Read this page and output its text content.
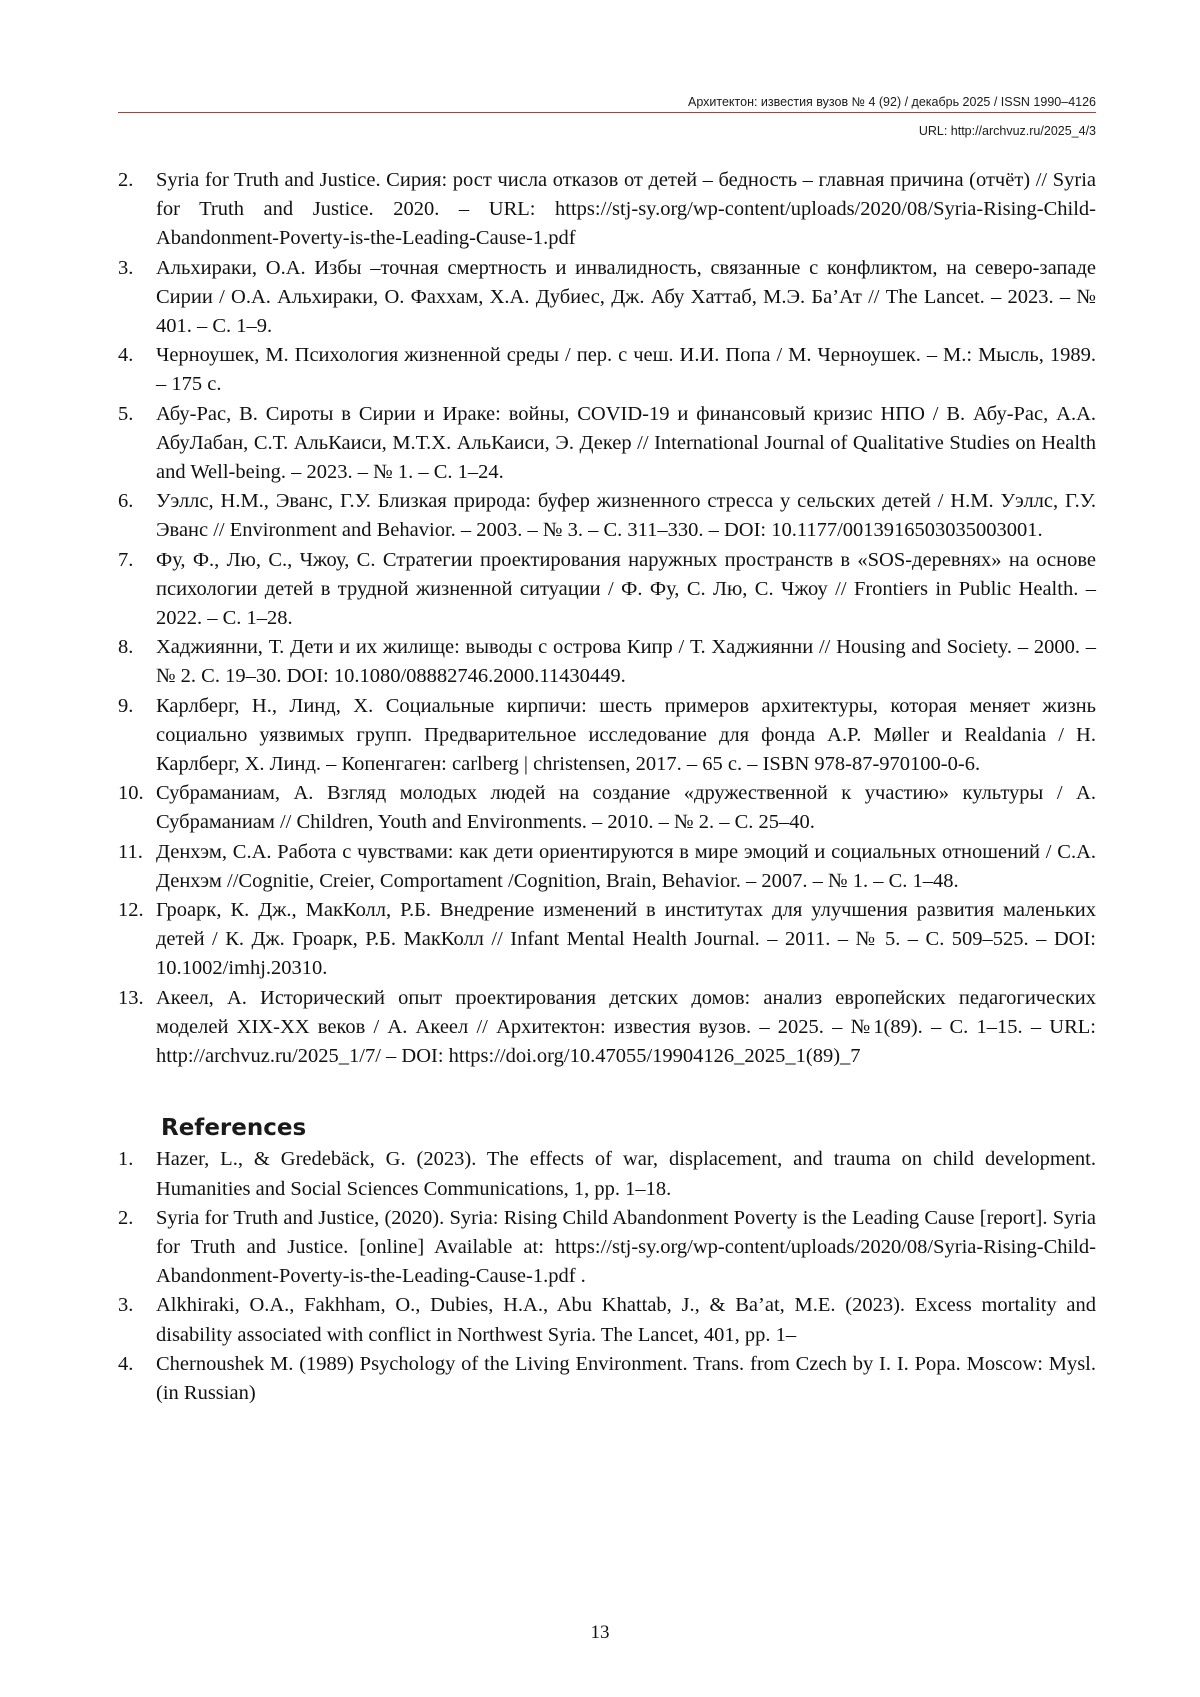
Архитектон: известия вузов № 4 (92) / декабрь 2025 / ISSN 1990–4126
URL: http://archvuz.ru/2025_4/3
2.	Syria for Truth and Justice. Сирия: рост числа отказов от детей – бедность – главная причина (отчёт) // Syria for Truth and Justice. 2020. – URL: https://stj-sy.org/wp-content/uploads/2020/08/Syria-Rising-Child-Abandonment-Poverty-is-the-Leading-Cause-1.pdf
3.	Альхираки, О.А. Избы –точная смертность и инвалидность, связанные с конфликтом, на северо-западе Сирии / О.А. Альхираки, О. Фаххам, Х.А. Дубиес, Дж. Абу Хаттаб, М.Э. Ба’Ат // The Lancet. – 2023. – № 401. – С. 1–9.
4.	Черноушек, М. Психология жизненной среды / пер. с чеш. И.И. Попа / М. Черноушек. – М.: Мысль, 1989. – 175 с.
5.	Абу-Рас, В. Сироты в Сирии и Ираке: войны, COVID-19 и финансовый кризис НПО / В. Абу-Рас, А.А. АбуЛабан, С.Т. АльКаиси, М.Т.Х. АльКаиси, Э. Декер // International Journal of Qualitative Studies on Health and Well-being. – 2023. – № 1. – С. 1–24.
6.	Уэллс, Н.М., Эванс, Г.У. Близкая природа: буфер жизненного стресса у сельских детей / Н.М. Уэллс, Г.У. Эванс // Environment and Behavior. – 2003. – № 3. – С. 311–330. – DOI: 10.1177/0013916503035003001.
7.	Фу, Ф., Лю, С., Чжоу, С. Стратегии проектирования наружных пространств в «SOS-деревнях» на основе психологии детей в трудной жизненной ситуации / Ф. Фу, С. Лю, С. Чжоу // Frontiers in Public Health. – 2022. – С. 1–28.
8.	Хаджиянни, Т. Дети и их жилище: выводы с острова Кипр / Т. Хаджиянни // Housing and Society. – 2000. – № 2. С. 19–30. DOI: 10.1080/08882746.2000.11430449.
9.	Карлберг, Н., Линд, Х. Социальные кирпичи: шесть примеров архитектуры, которая меняет жизнь социально уязвимых групп. Предварительное исследование для фонда A.P. Møller и Realdania / Н. Карлберг, Х. Линд. – Копенгаген: carlberg | christensen, 2017. – 65 с. – ISBN 978-87-970100-0-6.
10. Субраманиам, А. Взгляд молодых людей на создание «дружественной к участию» культуры / А. Субраманиам // Children, Youth and Environments. – 2010. – № 2. – С. 25–40.
11. Денхэм, С.А. Работа с чувствами: как дети ориентируются в мире эмоций и социальных отношений / С.А. Денхэм //Cognitie, Creier, Comportament /Cognition, Brain, Behavior. – 2007. – № 1. – С. 1–48.
12. Гроарк, К. Дж., МакКолл, Р.Б. Внедрение изменений в институтах для улучшения развития маленьких детей / К. Дж. Гроарк, Р.Б. МакКолл // Infant Mental Health Journal. – 2011. – № 5. – С. 509–525. – DOI: 10.1002/imhj.20310.
13. Акеел, А. Исторический опыт проектирования детских домов: анализ европейских педагогических моделей XIX-XX веков / А. Акеел // Архитектон: известия вузов. – 2025. – №1(89). – С. 1–15. – URL: http://archvuz.ru/2025_1/7/ – DOI: https://doi.org/10.47055/19904126_2025_1(89)_7
References
1.	Hazer, L., & Gredebäck, G. (2023). The effects of war, displacement, and trauma on child development. Humanities and Social Sciences Communications, 1, pp. 1–18.
2.	Syria for Truth and Justice, (2020). Syria: Rising Child Abandonment Poverty is the Leading Cause [report]. Syria for Truth and Justice. [online] Available at: https://stj-sy.org/wp-content/uploads/2020/08/Syria-Rising-Child-Abandonment-Poverty-is-the-Leading-Cause-1.pdf .
3.	Alkhiraki, O.A., Fakhham, O., Dubies, H.A., Abu Khattab, J., & Ba’at, M.E. (2023). Excess mortality and disability associated with conflict in Northwest Syria. The Lancet, 401, pp. 1–
4.	Chernoushek M. (1989) Psychology of the Living Environment. Trans. from Czech by I. I. Popa. Moscow: Mysl. (in Russian)
13
